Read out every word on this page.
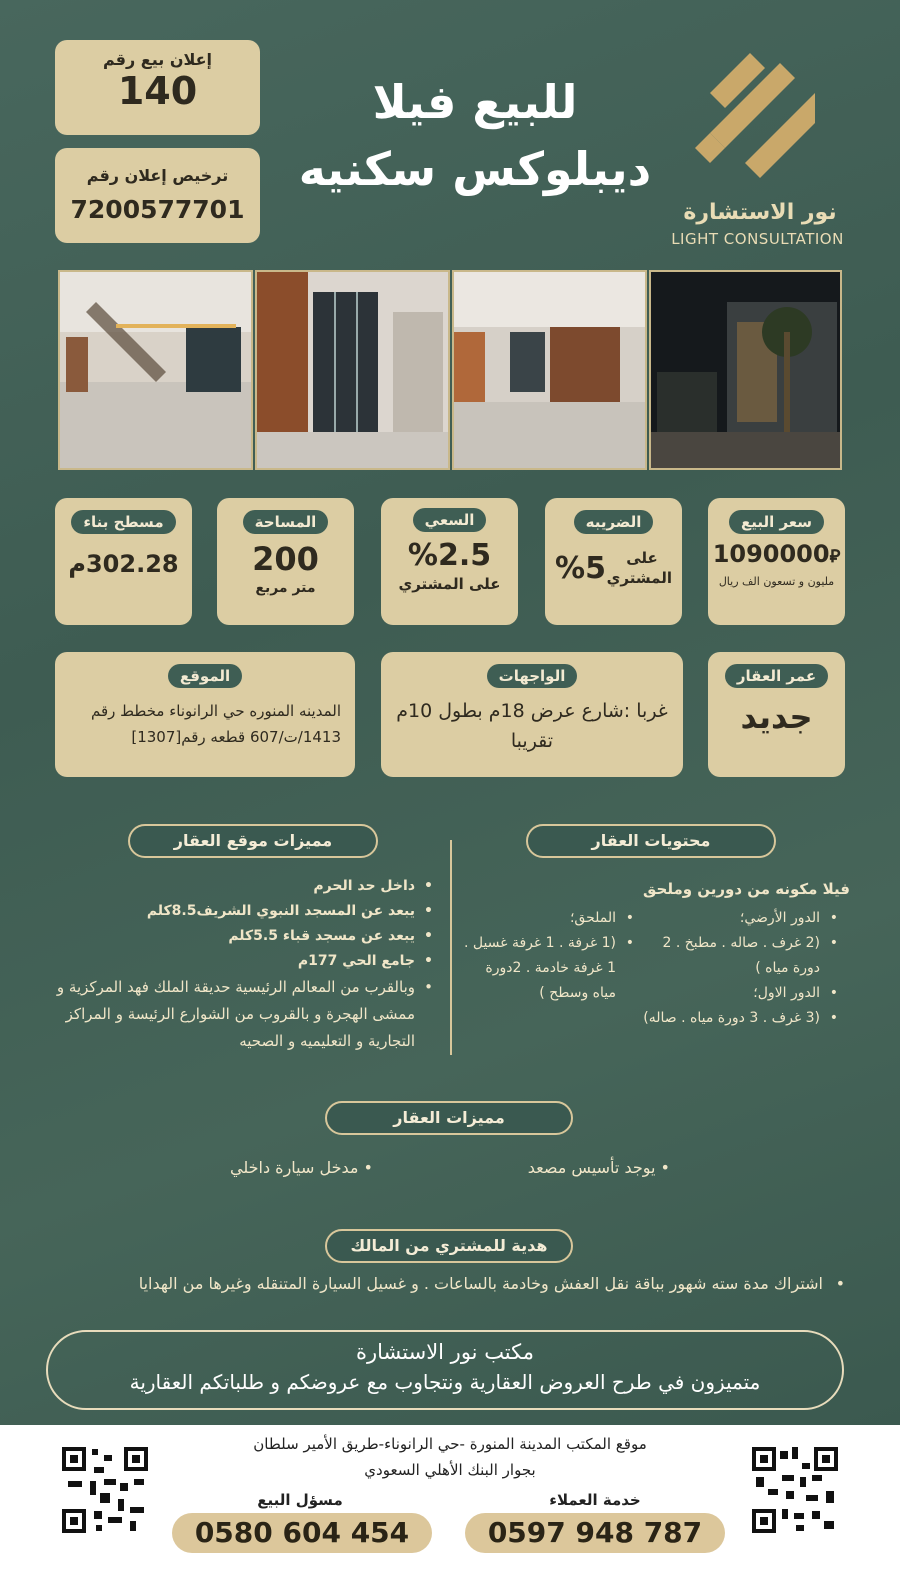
نور الاستشارة
LIGHT CONSULTATION
للبيع فيلا
ديبلوكس سكنيه
إعلان بيع رقم
140
ترخيص إعلان رقم
7200577701
سعر البيع
1090000⃁
مليون و تسعون الف ريال
الضريبه
على المشتري
%5
السعي
%2.5
على المشتري
المساحة
200
متر مربع
مسطح بناء
302.28م
عمر العقار
جديد
الواجهات
غربا :شارع عرض 18م بطول 10م تقريبا
الموقع
المدينه المنوره حي الرانوناء مخطط رقم 1413/ت/607 قطعه رقم[1307]
محتويات العقار
مميزات موقع العقار
فيلا مكونه من دورين وملحق
• الدور الأرضي؛
• (2 غرف . صاله . مطبخ . 2 دورة مياه )
• الدور الاول؛
• (3 غرف . 3 دورة مياه . صاله)
• الملحق؛
• (1 غرفة . 1 غرفة غسيل . 1 غرفة خادمة . 2دورة مياه وسطح )
• داخل حد الحرم
• يبعد عن المسجد النبوي الشريف8.5كلم
• يبعد عن مسجد قباء 5.5كلم
• جامع الحي 177م
• وبالقرب من المعالم الرئيسية حديقة الملك فهد المركزية و ممشى الهجرة و بالقروب من الشوارع الرئيسة و المراكز التجارية و التعليميه و الصحيه
مميزات العقار
• يوجد تأسيس مصعد
• مدخل سيارة داخلي
هدية للمشتري من المالك
•
اشتراك مدة سته شهور بباقة نقل العفش وخادمة بالساعات . و غسيل السيارة المتنقله وغيرها من الهدايا
مكتب نور الاستشارة
متميزون في طرح العروض العقارية ونتجاوب مع عروضكم و طلباتكم العقارية
موقع المكتب المدينة المنورة -حي الرانوناء-طريق الأمير سلطان
بجوار البنك الأهلي السعودي
خدمة العملاء
0597 948 787
مسؤل البيع
0580 604 454
